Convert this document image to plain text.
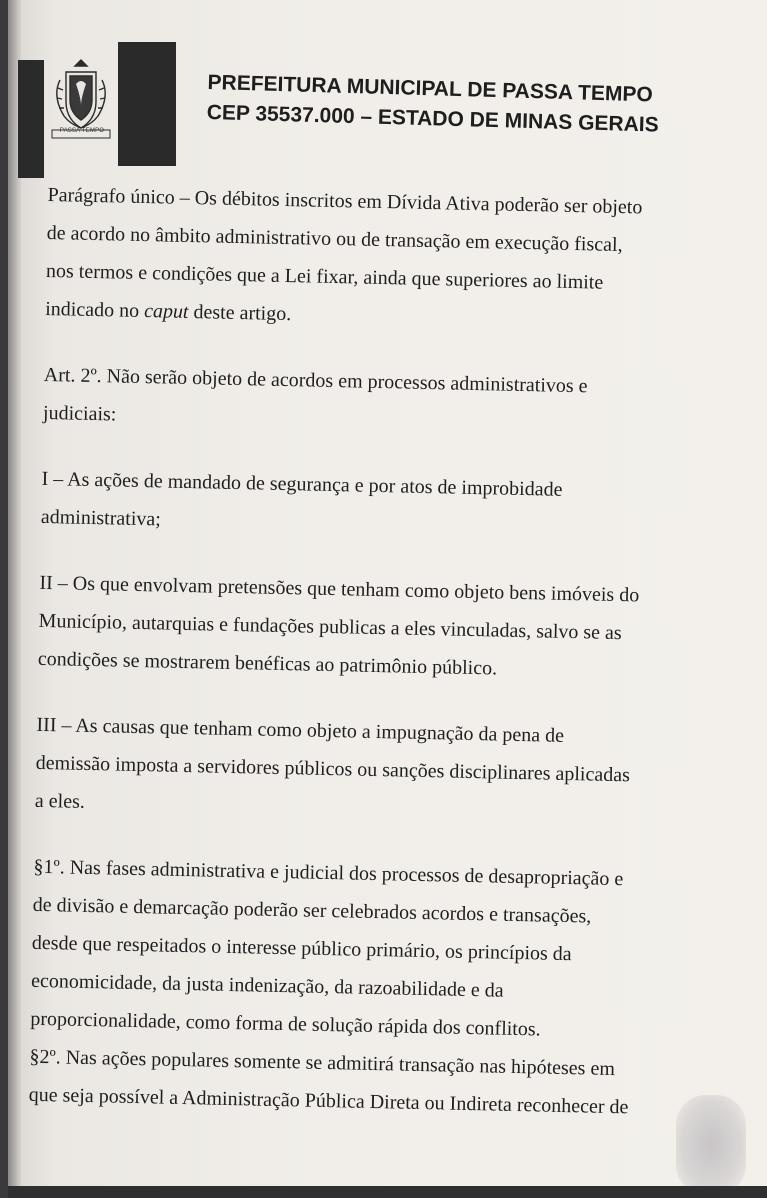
PASSA TEMPO
PREFEITURA MUNICIPAL DE PASSA TEMPO
CEP 35537.000 – ESTADO DE MINAS GERAIS
Parágrafo único – Os débitos inscritos em Dívida Ativa poderão ser objeto
de acordo no âmbito administrativo ou de transação em execução fiscal,
nos termos e condições que a Lei fixar, ainda que superiores ao limite
indicado no caput deste artigo.
Art. 2º. Não serão objeto de acordos em processos administrativos e
judiciais:
I – As ações de mandado de segurança e por atos de improbidade
administrativa;
II – Os que envolvam pretensões que tenham como objeto bens imóveis do
Município, autarquias e fundações publicas a eles vinculadas, salvo se as
condições se mostrarem benéficas ao patrimônio público.
III – As causas que tenham como objeto a impugnação da pena de
demissão imposta a servidores públicos ou sanções disciplinares aplicadas
a eles.
§1º. Nas fases administrativa e judicial dos processos de desapropriação e
de divisão e demarcação poderão ser celebrados acordos e transações,
desde que respeitados o interesse público primário, os princípios da
economicidade, da justa indenização, da razoabilidade e da
proporcionalidade, como forma de solução rápida dos conflitos.
§2º. Nas ações populares somente se admitirá transação nas hipóteses em
que seja possível a Administração Pública Direta ou Indireta reconhecer de
